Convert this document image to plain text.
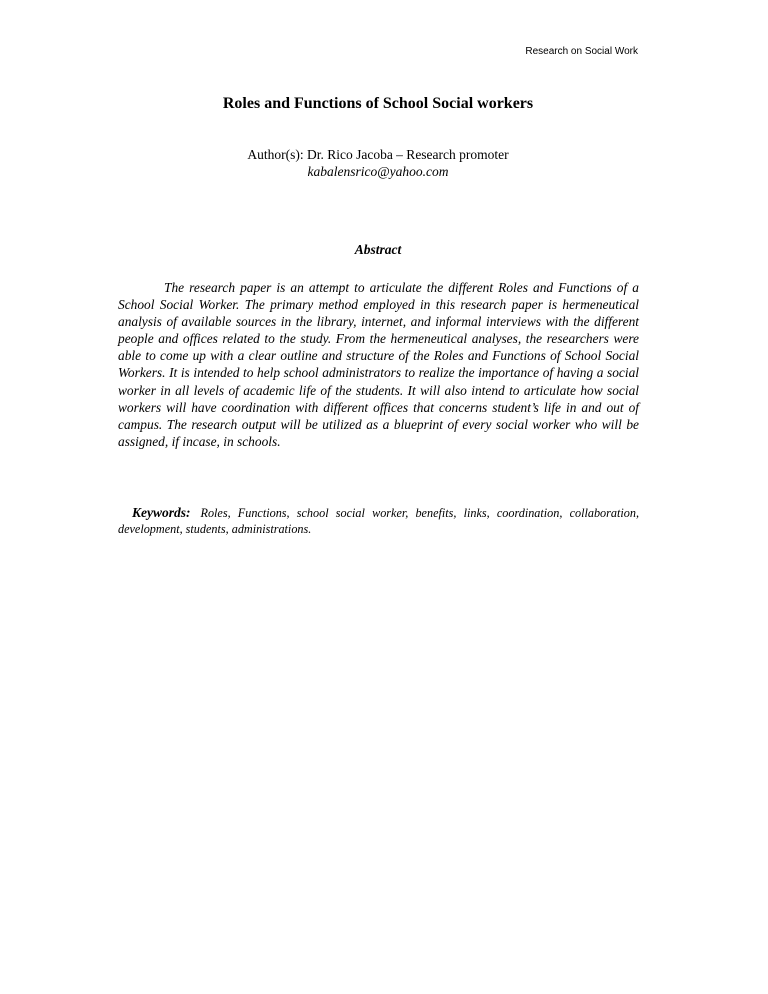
Research on Social Work
Roles and Functions of School Social workers
Author(s): Dr. Rico Jacoba – Research promoter
kabalensrico@yahoo.com
Abstract

The research paper is an attempt to articulate the different Roles and Functions of a School Social Worker. The primary method employed in this research paper is hermeneutical analysis of available sources in the library, internet, and informal interviews with the different people and offices related to the study. From the hermeneutical analyses, the researchers were able to come up with a clear outline and structure of the Roles and Functions of School Social Workers. It is intended to help school administrators to realize the importance of having a social worker in all levels of academic life of the students. It will also intend to articulate how social workers will have coordination with different offices that concerns student’s life in and out of campus. The research output will be utilized as a blueprint of every social worker who will be assigned, if incase, in schools.

Keywords: Roles, Functions, school social worker, benefits, links, coordination, collaboration, development, students, administrations.
